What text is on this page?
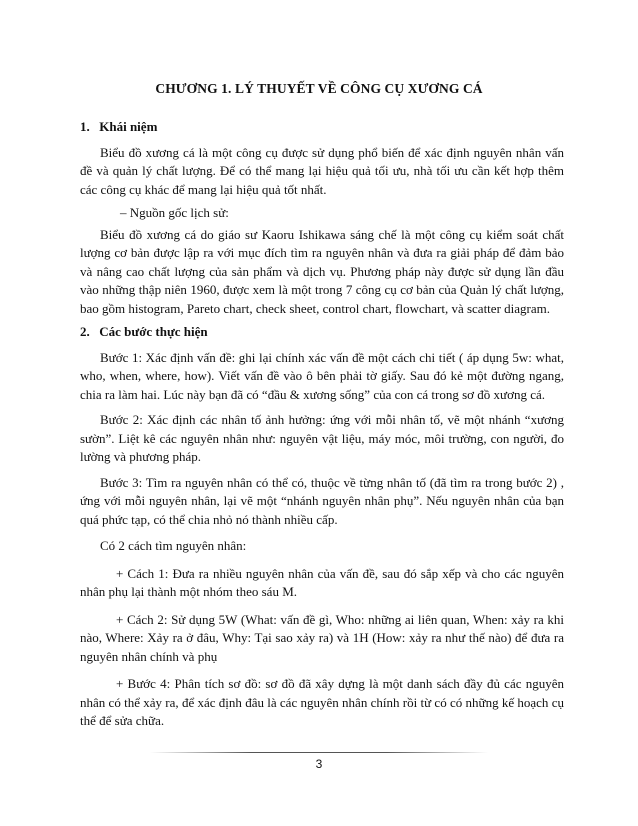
CHƯƠNG 1. LÝ THUYẾT VỀ CÔNG CỤ XƯƠNG CÁ

1. Khái niệm

Biểu đồ xương cá là một công cụ được sử dụng phổ biến để xác định nguyên nhân vấn đề và quản lý chất lượng. Để có thể mang lại hiệu quả tối ưu, nhà tối ưu cần kết hợp thêm các công cụ khác để mang lại hiệu quả tốt nhất.

– Nguồn gốc lịch sử:

Biểu đồ xương cá do giáo sư Kaoru Ishikawa sáng chế là một công cụ kiểm soát chất lượng cơ bản được lập ra với mục đích tìm ra nguyên nhân và đưa ra giải pháp để đảm bảo và nâng cao chất lượng của sản phẩm và dịch vụ. Phương pháp này được sử dụng lần đầu vào những thập niên 1960, được xem là một trong 7 công cụ cơ bản của Quản lý chất lượng, bao gồm histogram, Pareto chart, check sheet, control chart, flowchart, và scatter diagram.

2. Các bước thực hiện

Bước 1: Xác định vấn đề: ghi lại chính xác vấn đề một cách chi tiết ( áp dụng 5w: what, who, when, where, how). Viết vấn đề vào ô bên phải tờ giấy. Sau đó kẻ một đường ngang, chia ra làm hai. Lúc này bạn đã có “đầu & xương sống” của con cá trong sơ đồ xương cá.

Bước 2: Xác định các nhân tố ảnh hưởng: ứng với mỗi nhân tố, vẽ một nhánh “xương sườn”. Liệt kê các nguyên nhân như: nguyên vật liệu, máy móc, môi trường, con người, đo lường và phương pháp.

Bước 3: Tìm ra nguyên nhân có thể có, thuộc về từng nhân tố (đã tìm ra trong bước 2) , ứng với mỗi nguyên nhân, lại vẽ một “nhánh nguyên nhân phụ”. Nếu nguyên nhân của bạn quá phức tạp, có thể chia nhỏ nó thành nhiều cấp.

Có 2 cách tìm nguyên nhân:

+ Cách 1: Đưa ra nhiều nguyên nhân của vấn đề, sau đó sắp xếp và cho các nguyên nhân phụ lại thành một nhóm theo sáu M.

+ Cách 2: Sử dụng 5W (What: vấn đề gì, Who: những ai liên quan, When: xảy ra khi nào, Where: Xảy ra ở đâu, Why: Tại sao xảy ra) và 1H (How: xảy ra như thế nào) để đưa ra nguyên nhân chính và phụ

+ Bước 4: Phân tích sơ đồ: sơ đồ đã xây dựng là một danh sách đầy đủ các nguyên nhân có thể xảy ra, để xác định đâu là các nguyên nhân chính rồi từ có có những kế hoạch cụ thể để sửa chữa.

3
